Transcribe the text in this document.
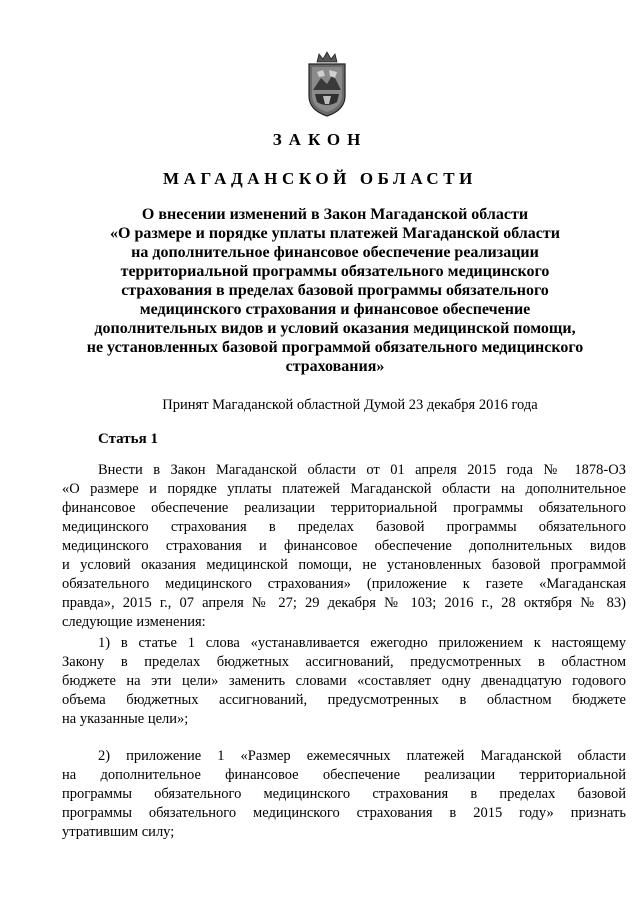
ЗАКОН
МАГАДАНСКОЙ ОБЛАСТИ
О внесении изменений в Закон Магаданской области
«О размере и порядке уплаты платежей Магаданской области
на дополнительное финансовое обеспечение реализации
территориальной программы обязательного медицинского
страхования в пределах базовой программы обязательного
медицинского страхования и финансовое обеспечение
дополнительных видов и условий оказания медицинской помощи,
не установленных базовой программой обязательного медицинского
страхования»
Принят Магаданской областной Думой 23 декабря 2016 года
Статья 1
Внести в Закон Магаданской области от 01 апреля 2015 года № 1878-ОЗ
«О размере и порядке уплаты платежей Магаданской области на дополнительное
финансовое обеспечение реализации территориальной программы обязательного
медицинского страхования в пределах базовой программы обязательного
медицинского страхования и финансовое обеспечение дополнительных видов
и условий оказания медицинской помощи, не установленных базовой программой
обязательного медицинского страхования» (приложение к газете «Магаданская
правда», 2015 г., 07 апреля № 27; 29 декабря № 103; 2016 г., 28 октября № 83)
следующие изменения:
1) в статье 1 слова «устанавливается ежегодно приложением к настоящему
Закону в пределах бюджетных ассигнований, предусмотренных в областном
бюджете на эти цели» заменить словами «составляет одну двенадцатую годового
объема бюджетных ассигнований, предусмотренных в областном бюджете
на указанные цели»;
2) приложение 1 «Размер ежемесячных платежей Магаданской области
на дополнительное финансовое обеспечение реализации территориальной
программы обязательного медицинского страхования в пределах базовой
программы обязательного медицинского страхования в 2015 году» признать
утратившим силу;
